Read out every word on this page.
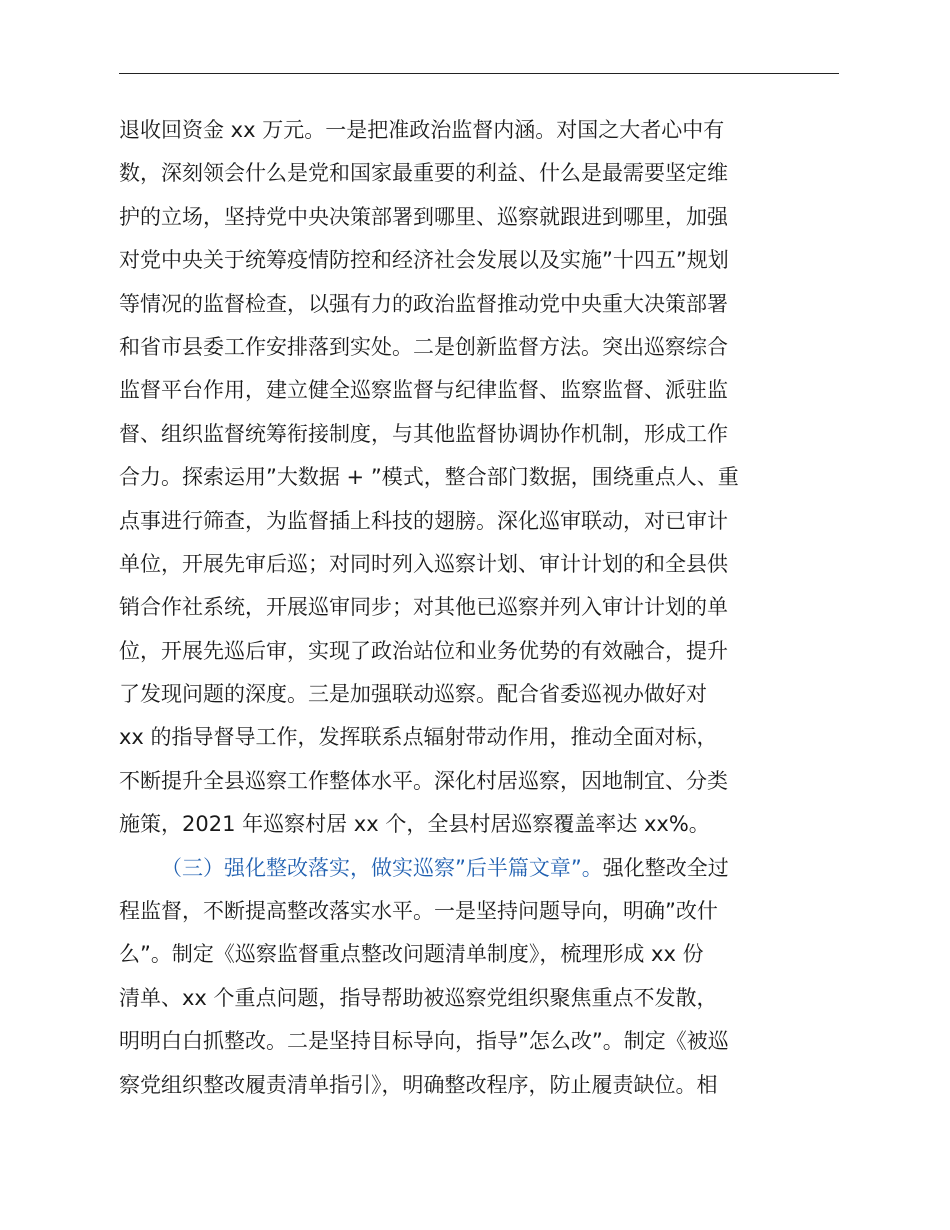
退收回资金 xx 万元。一是把准政治监督内涵。对国之大者心中有
数，深刻领会什么是党和国家最重要的利益、什么是最需要坚定维
护的立场，坚持党中央决策部署到哪里、巡察就跟进到哪里，加强
对党中央关于统筹疫情防控和经济社会发展以及实施”十四五”规划
等情况的监督检查，以强有力的政治监督推动党中央重大决策部署
和省市县委工作安排落到实处。二是创新监督方法。突出巡察综合
监督平台作用，建立健全巡察监督与纪律监督、监察监督、派驻监
督、组织监督统筹衔接制度，与其他监督协调协作机制，形成工作
合力。探索运用”大数据 + ”模式，整合部门数据，围绕重点人、重
点事进行筛查，为监督插上科技的翅膀。深化巡审联动，对已审计
单位，开展先审后巡；对同时列入巡察计划、审计计划的和全县供
销合作社系统，开展巡审同步；对其他已巡察并列入审计计划的单
位，开展先巡后审，实现了政治站位和业务优势的有效融合，提升
了发现问题的深度。三是加强联动巡察。配合省委巡视办做好对
xx 的指导督导工作，发挥联系点辐射带动作用，推动全面对标，
不断提升全县巡察工作整体水平。深化村居巡察，因地制宜、分类
施策，2021 年巡察村居 xx 个，全县村居巡察覆盖率达 xx%。
（三）强化整改落实，做实巡察”后半篇文章”。强化整改全过
程监督，不断提高整改落实水平。一是坚持问题导向，明确”改什
么”。制定《巡察监督重点整改问题清单制度》，梳理形成 xx 份
清单、xx 个重点问题，指导帮助被巡察党组织聚焦重点不发散，
明明白白抓整改。二是坚持目标导向，指导”怎么改”。制定《被巡
察党组织整改履责清单指引》，明确整改程序，防止履责缺位。相
